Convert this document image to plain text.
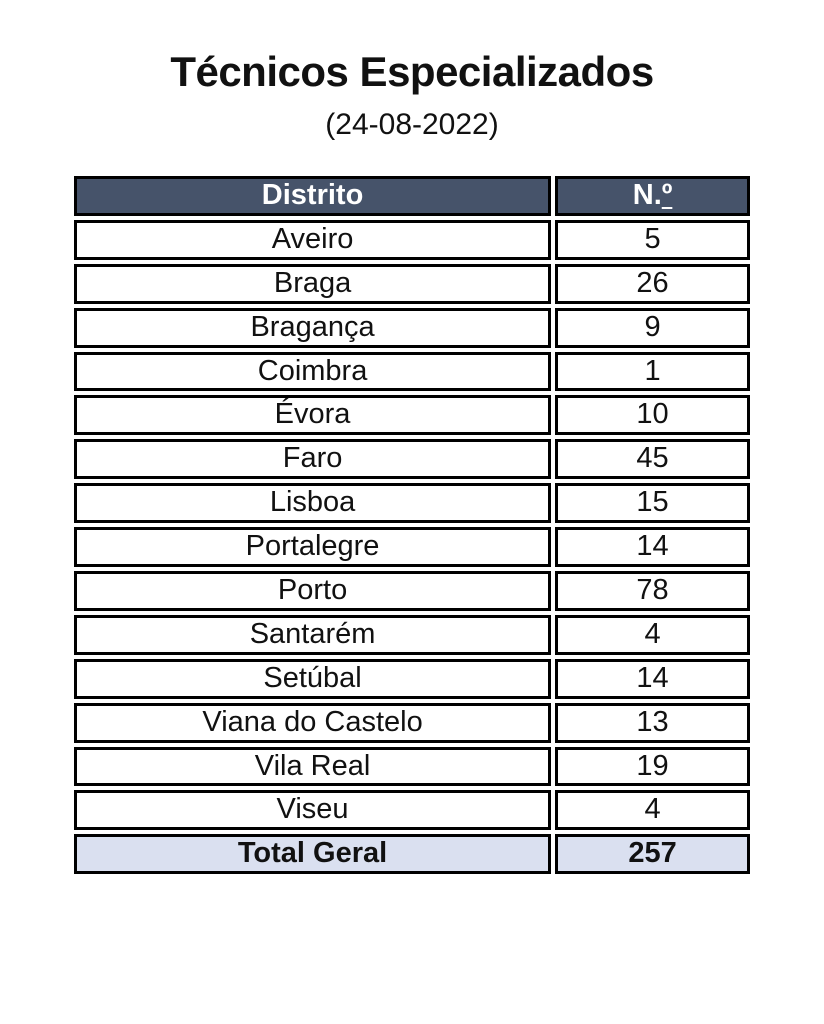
Técnicos Especializados
(24-08-2022)
Distrito	N.º
Aveiro	5
Braga	26
Bragança	9
Coimbra	1
Évora	10
Faro	45
Lisboa	15
Portalegre	14
Porto	78
Santarém	4
Setúbal	14
Viana do Castelo	13
Vila Real	19
Viseu	4
Total Geral	257
